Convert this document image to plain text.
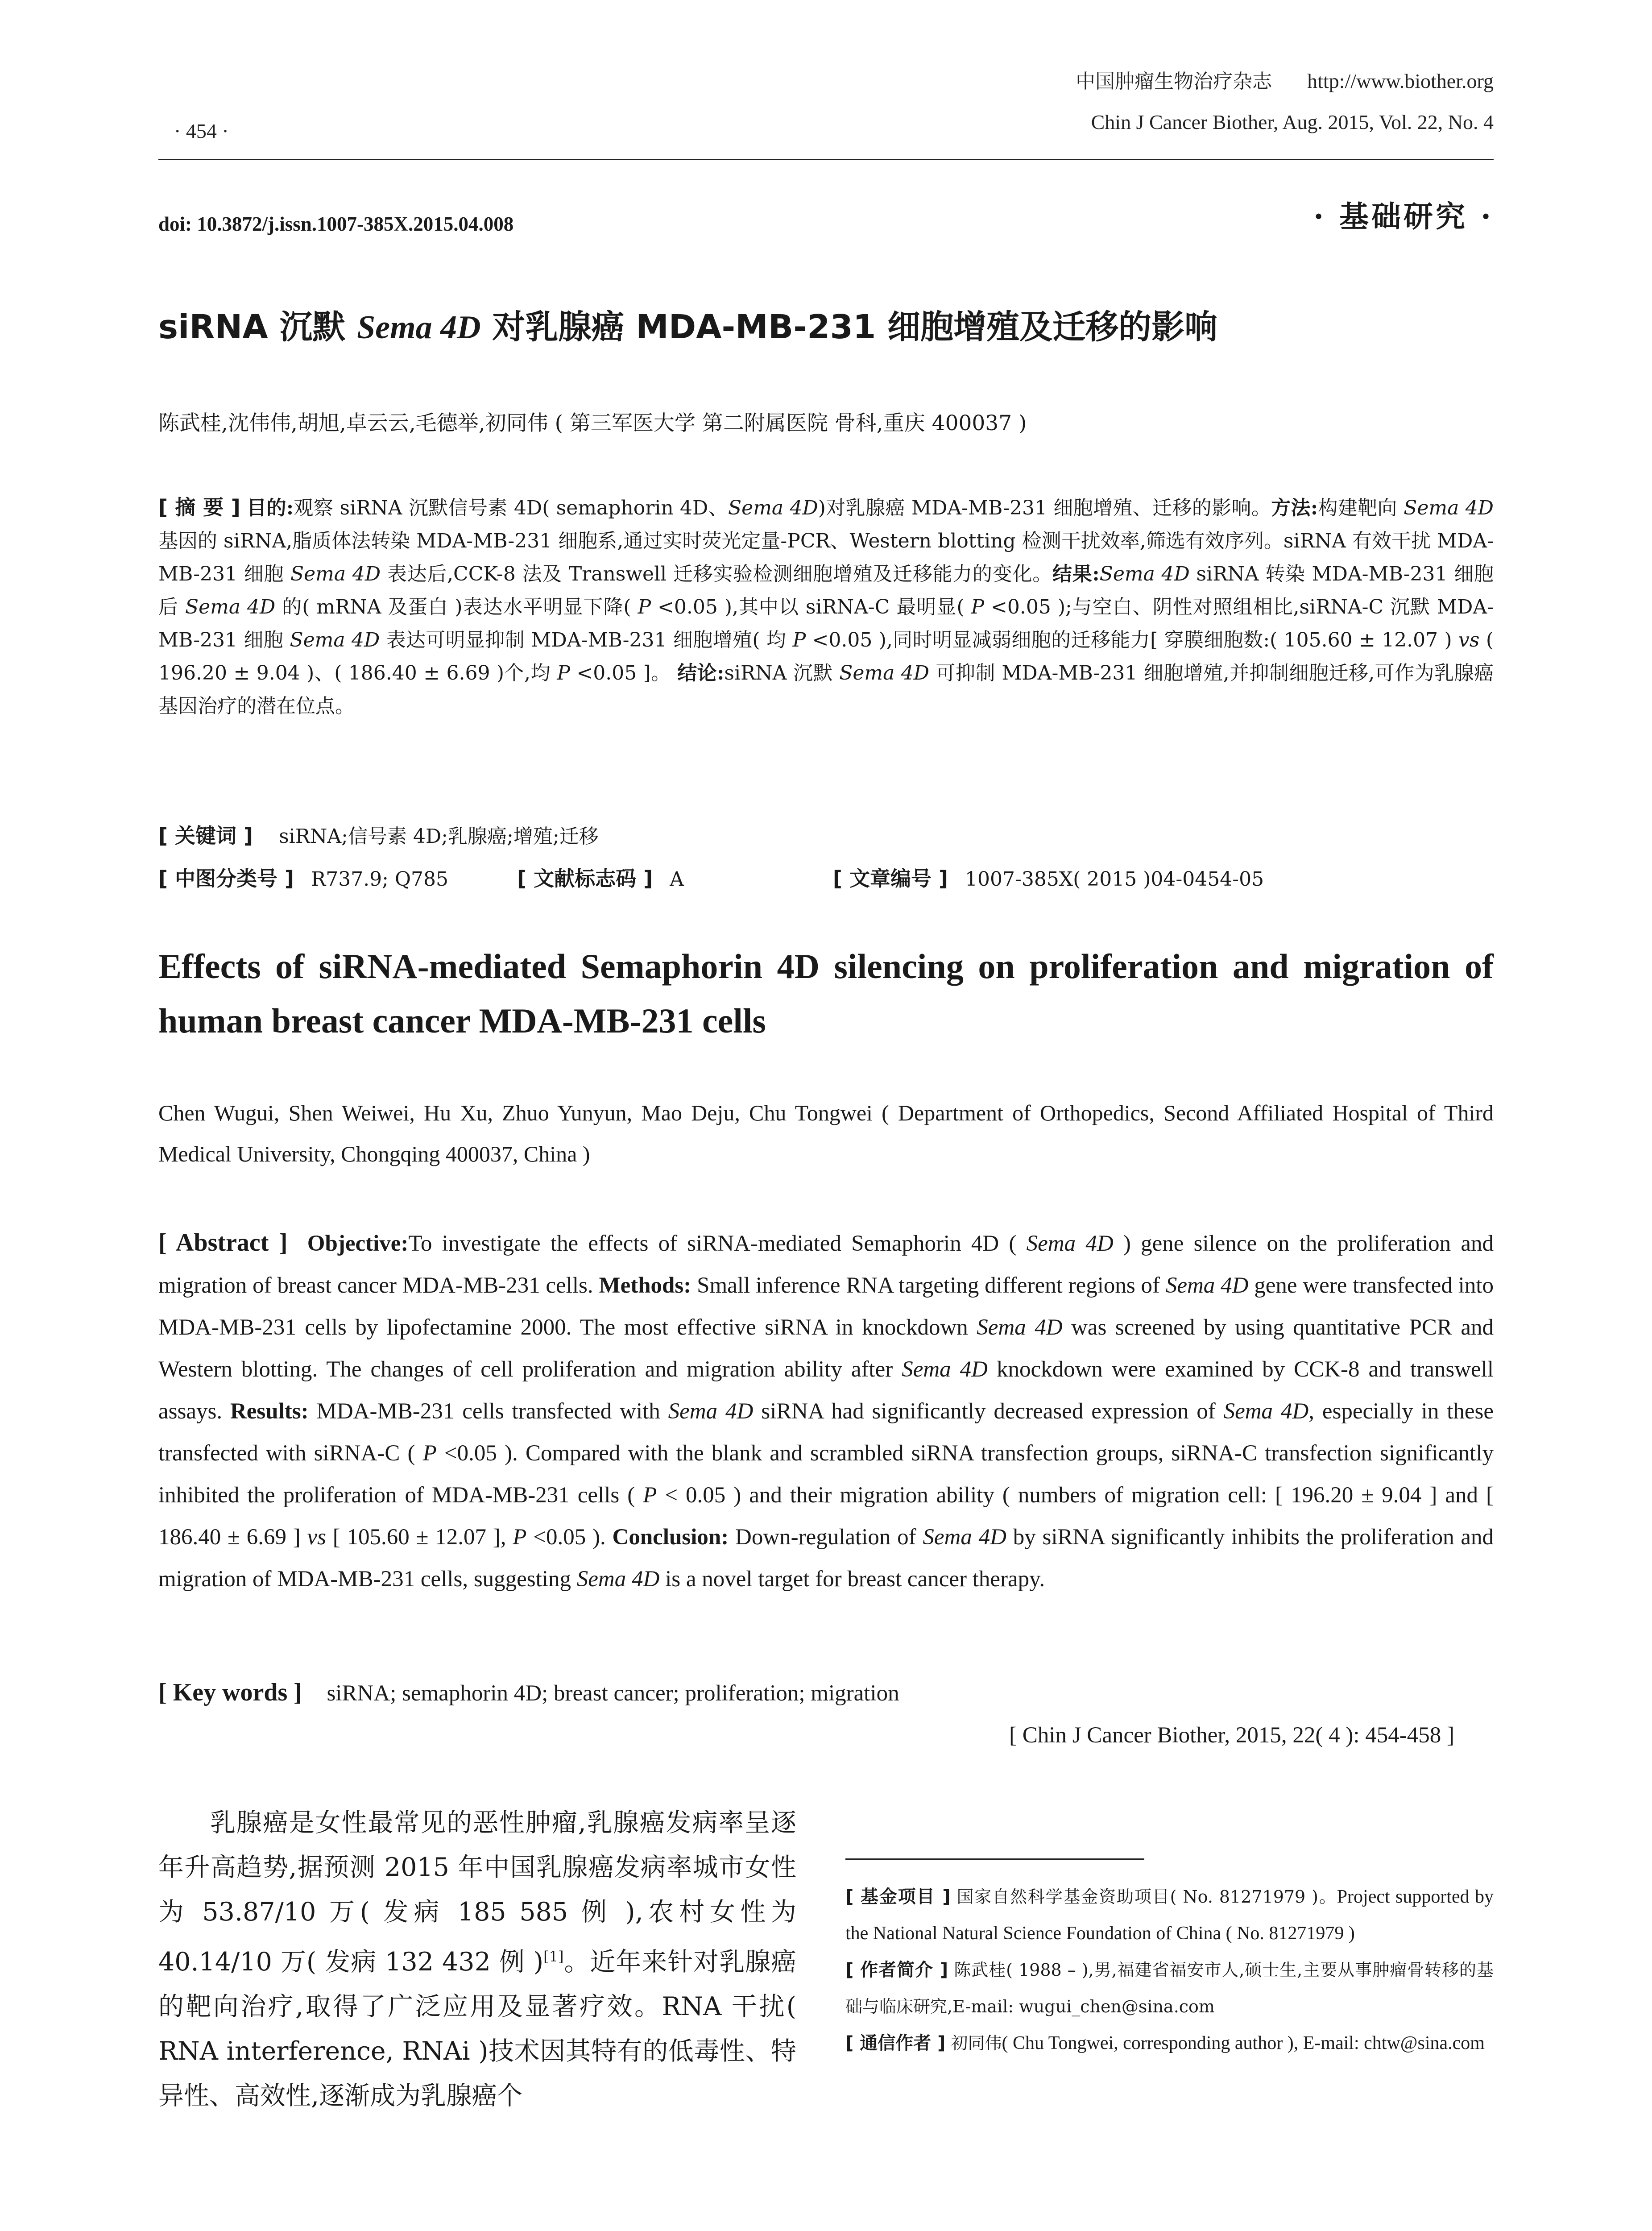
· 454 ·
中国肿瘤生物治疗杂志 http://www.biother.org
Chin J Cancer Biother, Aug. 2015, Vol. 22, No. 4
doi: 10.3872/j.issn.1007-385X.2015.04.008	· 基础研究 ·
siRNA 沉默 Sema 4D 对乳腺癌 MDA-MB-231 细胞增殖及迁移的影响
陈武桂,沈伟伟,胡旭,卓云云,毛德举,初同伟 ( 第三军医大学 第二附属医院 骨科,重庆 400037 )
[ 摘 要 ] 目的:观察 siRNA 沉默信号素 4D( semaphorin 4D、Sema 4D)对乳腺癌 MDA-MB-231 细胞增殖、迁移的影响。方法:构建靶向 Sema 4D 基因的 siRNA,脂质体法转染 MDA-MB-231 细胞系,通过实时荧光定量-PCR、Western blotting 检测干扰效率,筛选有效序列。siRNA 有效干扰 MDA-MB-231 细胞 Sema 4D 表达后,CCK-8 法及 Transwell 迁移实验检测细胞增殖及迁移能力的变化。结果:Sema 4D siRNA 转染 MDA-MB-231 细胞后 Sema 4D 的( mRNA 及蛋白 )表达水平明显下降( P <0.05 ),其中以 siRNA-C 最明显( P <0.05 );与空白、阴性对照组相比,siRNA-C 沉默 MDA-MB-231 细胞 Sema 4D 表达可明显抑制 MDA-MB-231 细胞增殖( 均 P <0.05 ),同时明显减弱细胞的迁移能力[ 穿膜细胞数:( 105.60 ± 12.07 ) vs ( 196.20 ± 9.04 )、( 186.40 ± 6.69 )个,均 P <0.05 ]。 结论:siRNA 沉默 Sema 4D 可抑制 MDA-MB-231 细胞增殖,并抑制细胞迁移,可作为乳腺癌基因治疗的潜在位点。
[ 关键词 ] siRNA;信号素 4D;乳腺癌;增殖;迁移
[ 中图分类号 ] R737.9; Q785	[ 文献标志码 ] A	[ 文章编号 ] 1007-385X( 2015 )04-0454-05
Effects of siRNA-mediated Semaphorin 4D silencing on proliferation and migration of human breast cancer MDA-MB-231 cells
Chen Wugui, Shen Weiwei, Hu Xu, Zhuo Yunyun, Mao Deju, Chu Tongwei ( Department of Orthopedics, Second Affiliated Hospital of Third Medical University, Chongqing 400037, China )
[ Abstract ] Objective:To investigate the effects of siRNA-mediated Semaphorin 4D ( Sema 4D ) gene silence on the proliferation and migration of breast cancer MDA-MB-231 cells. Methods: Small inference RNA targeting different regions of Sema 4D gene were transfected into MDA-MB-231 cells by lipofectamine 2000. The most effective siRNA in knockdown Sema 4D was screened by using quantitative PCR and Western blotting. The changes of cell proliferation and migration ability after Sema 4D knockdown were examined by CCK-8 and transwell assays. Results: MDA-MB-231 cells transfected with Sema 4D siRNA had significantly decreased expression of Sema 4D, especially in these transfected with siRNA-C ( P <0.05 ). Compared with the blank and scrambled siRNA transfection groups, siRNA-C transfection significantly inhibited the proliferation of MDA-MB-231 cells ( P < 0.05 ) and their migration ability ( numbers of migration cell: [ 196.20 ± 9.04 ] and [ 186.40 ± 6.69 ] vs [ 105.60 ± 12.07 ], P <0.05 ). Conclusion: Down-regulation of Sema 4D by siRNA significantly inhibits the proliferation and migration of MDA-MB-231 cells, suggesting Sema 4D is a novel target for breast cancer therapy.
[ Key words ] siRNA; semaphorin 4D; breast cancer; proliferation; migration
[ Chin J Cancer Biother, 2015, 22( 4 ): 454-458 ]
乳腺癌是女性最常见的恶性肿瘤,乳腺癌发病率呈逐年升高趋势,据预测 2015 年中国乳腺癌发病率城市女性为 53.87/10 万( 发病 185 585 例 ),农村女性为 40.14/10 万( 发病 132 432 例 )[1]。近年来针对乳腺癌的靶向治疗,取得了广泛应用及显著疗效。RNA 干扰( RNA interference, RNAi )技术因其特有的低毒性、特异性、高效性,逐渐成为乳腺癌个
[ 基金项目 ] 国家自然科学基金资助项目( No. 81271979 )。Project supported by the National Natural Science Foundation of China ( No. 81271979 )
[ 作者简介 ] 陈武桂( 1988 – ),男,福建省福安市人,硕士生,主要从事肿瘤骨转移的基础与临床研究,E-mail: wugui_chen@sina.com
[ 通信作者 ] 初同伟( Chu Tongwei, corresponding author ), E-mail: chtw@sina.com
